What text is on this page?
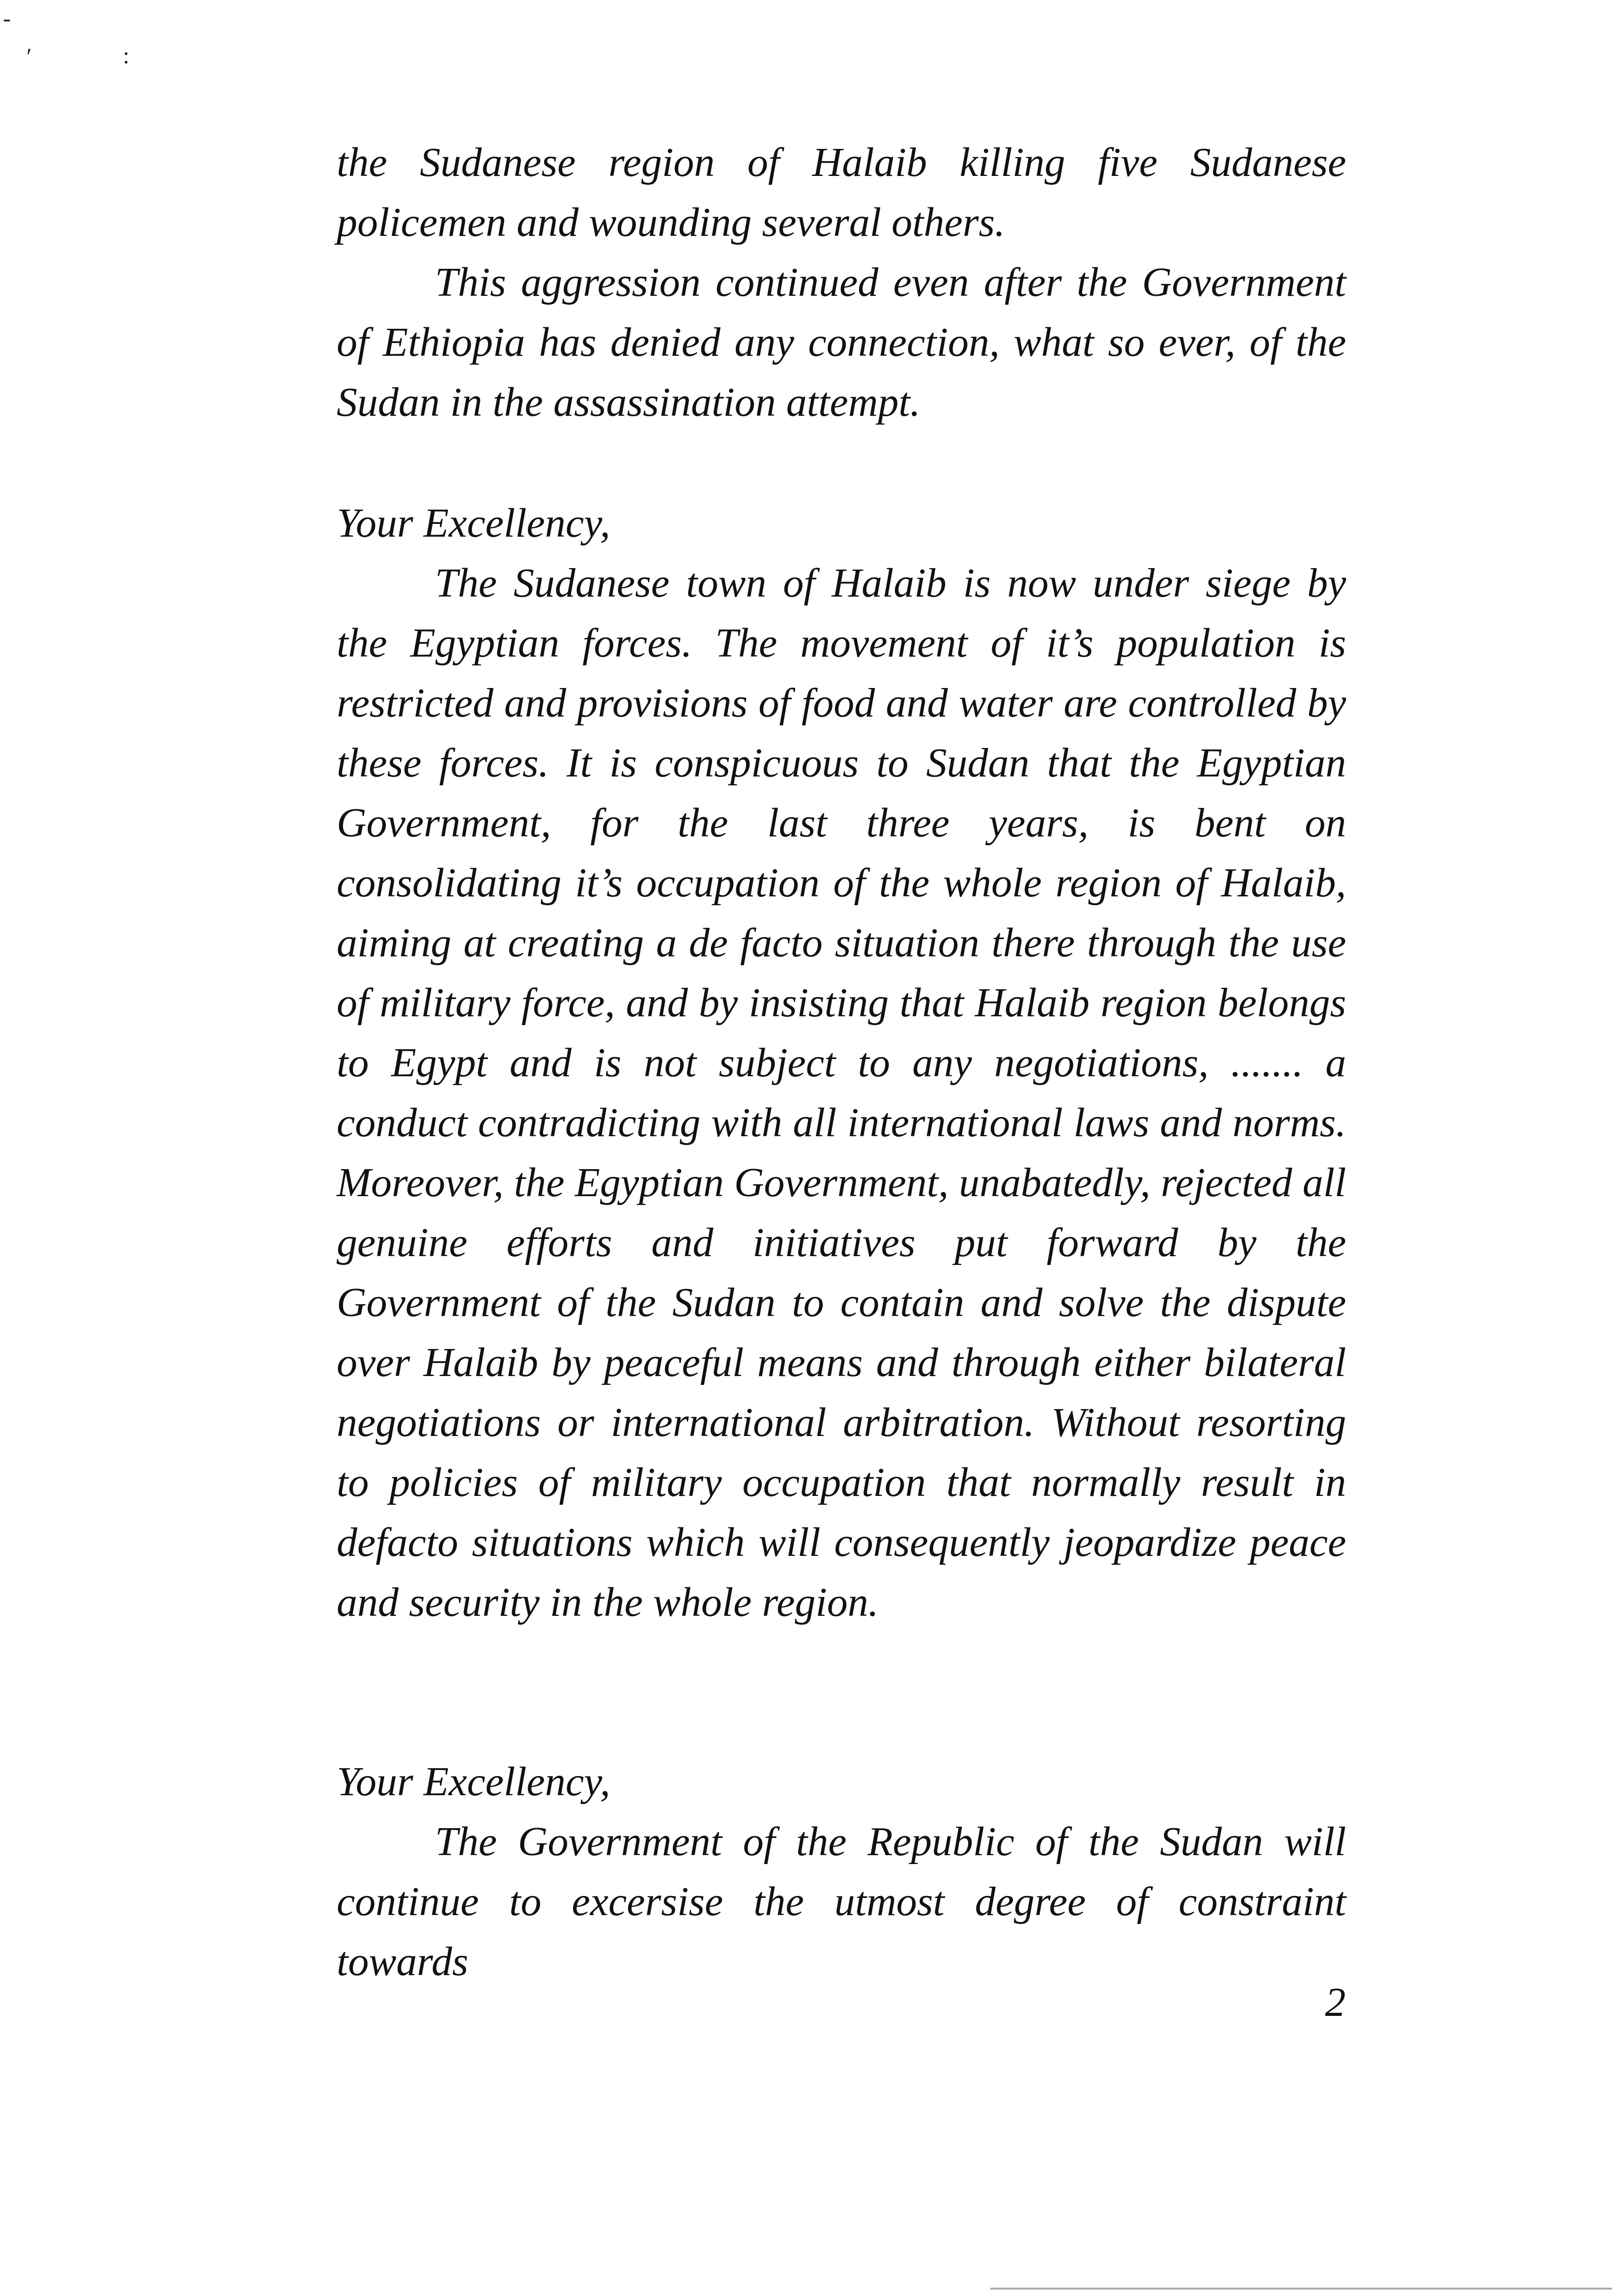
-
′	:

the Sudanese region of Halaib killing five Sudanese policemen and wounding several others.

This aggression continued even after the Government of Ethiopia has denied any connection, what so ever, of the Sudan in the assassination attempt.

Your Excellency,

The Sudanese town of Halaib is now under siege by the Egyptian forces. The movement of it’s population is restricted and provisions of food and water are controlled by these forces. It is conspicuous to Sudan that the Egyptian Government, for the last three years, is bent on consolidating it’s occupation of the whole region of Halaib, aiming at creating a de facto situation there through the use of military force, and by insisting that Halaib region belongs to Egypt and is not subject to any negotiations, ....... a conduct contradicting with all international laws and norms. Moreover, the Egyptian Government, unabatedly, rejected all genuine efforts and initiatives put forward by the Government of the Sudan to contain and solve the dispute over Halaib by peaceful means and through either bilateral negotiations or international arbitration. Without resorting to policies of military occupation that normally result in defacto situations which will consequently jeopardize peace and security in the whole region.

Your Excellency,

The Government of the Republic of the Sudan will continue to excersise the utmost degree of constraint towards

2
